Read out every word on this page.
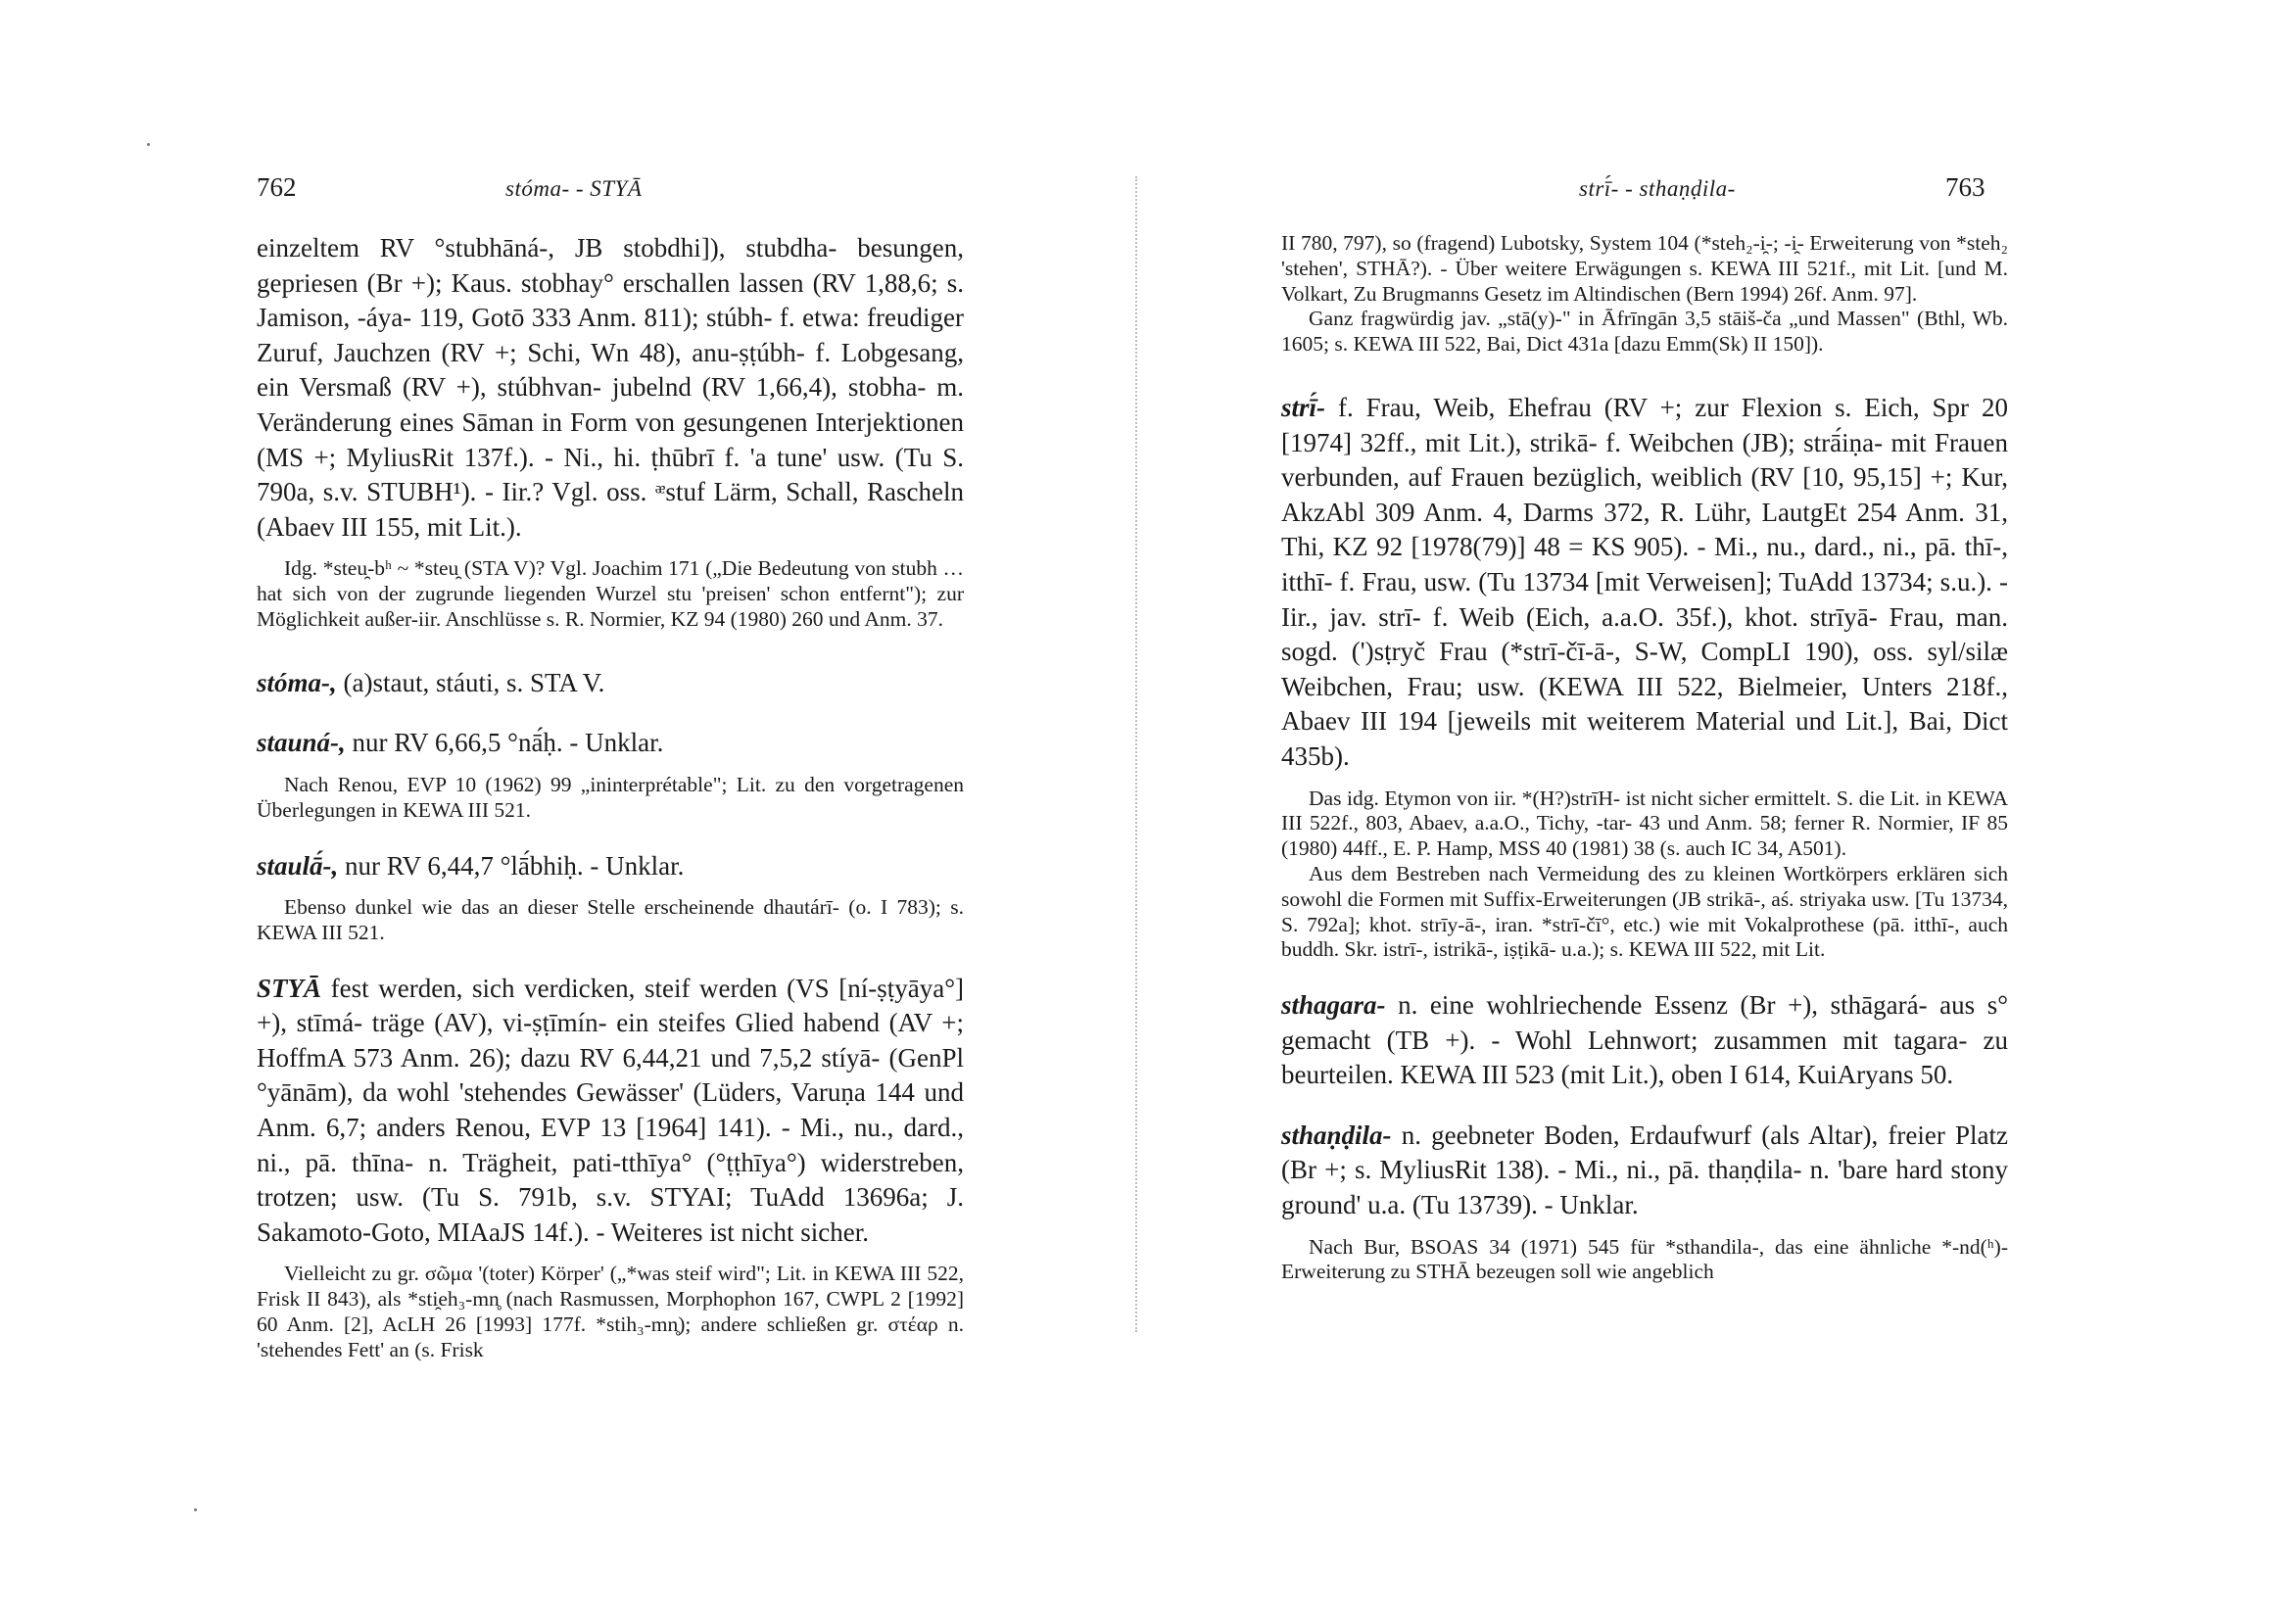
762	stóma- - STYĀ

einzeltem RV °stubhāná-, JB stobdhi]), stubdha- besungen, gepriesen (Br +); Kaus. stobhay° erschallen lassen (RV 1,88,6; s. Jamison, -áya- 119, Gotō 333 Anm. 811); stúbh- f. etwa: freudiger Zuruf, Jauchzen (RV +; Schi, Wn 48), anu-ṣṭúbh- f. Lobgesang, ein Versmaß (RV +), stúbhvan- jubelnd (RV 1,66,4), stobha- m. Veränderung eines Sāman in Form von gesungenen Interjektionen (MS +; MyliusRit 137f.). - Ni., hi. ṭhūbrī f. 'a tune' usw. (Tu S. 790a, s.v. STUBH¹). - Iir.? Vgl. oss. ᵆstuf Lärm, Schall, Rascheln (Abaev III 155, mit Lit.).

Idg. *steu̯-bʰ ~ *steu̯ (STA V)? Vgl. Joachim 171 („Die Bedeutung von stubh … hat sich von der zugrunde liegenden Wurzel stu 'preisen' schon entfernt"); zur Möglichkeit außer-iir. Anschlüsse s. R. Normier, KZ 94 (1980) 260 und Anm. 37.

stóma-, (a)staut, stáuti, s. STA V.

stauná-, nur RV 6,66,5 °nā́ḥ. - Unklar.

Nach Renou, EVP 10 (1962) 99 „ininterprétable"; Lit. zu den vorgetragenen Überlegungen in KEWA III 521.

staulā́-, nur RV 6,44,7 °lā́bhiḥ. - Unklar.

Ebenso dunkel wie das an dieser Stelle erscheinende dhautárī- (o. I 783); s. KEWA III 521.

STYĀ fest werden, sich verdicken, steif werden (VS [ní-ṣṭyāya°] +), stīmá- träge (AV), vi-ṣṭīmín- ein steifes Glied habend (AV +; HoffmA 573 Anm. 26); dazu RV 6,44,21 und 7,5,2 stíyā- (GenPl °yānām), da wohl 'stehendes Gewässer' (Lüders, Varuṇa 144 und Anm. 6,7; anders Renou, EVP 13 [1964] 141). - Mi., nu., dard., ni., pā. thīna- n. Trägheit, pati-tthīya° (°ṭṭhīya°) widerstreben, trotzen; usw. (Tu S. 791b, s.v. STYAI; TuAdd 13696a; J. Sakamoto-Goto, MIAaJS 14f.). - Weiteres ist nicht sicher.

Vielleicht zu gr. σῶμα '(toter) Körper' („*was steif wird"; Lit. in KEWA III 522, Frisk II 843), als *sti̯eh₃-mn̥ (nach Rasmussen, Morphophon 167, CWPL 2 [1992] 60 Anm. [2], AcLH 26 [1993] 177f. *stih₃-mn̥); andere schließen gr. στέαρ n. 'stehendes Fett' an (s. Frisk

763
strī́- - sthaṇḍila-

II 780, 797), so (fragend) Lubotsky, System 104 (*steh₂-i̯-; -i̯- Erweiterung von *steh₂ 'stehen', STHĀ?). - Über weitere Erwägungen s. KEWA III 521f., mit Lit. [und M. Volkart, Zu Brugmanns Gesetz im Altindischen (Bern 1994) 26f. Anm. 97].

Ganz fragwürdig jav. „stā(y)-" in Āfrīngān 3,5 stāiš-ča „und Massen" (Bthl, Wb. 1605; s. KEWA III 522, Bai, Dict 431a [dazu Emm(Sk) II 150]).

strī́- f. Frau, Weib, Ehefrau (RV +; zur Flexion s. Eich, Spr 20 [1974] 32ff., mit Lit.), strikā- f. Weibchen (JB); strā́iṇa- mit Frauen verbunden, auf Frauen bezüglich, weiblich (RV [10, 95,15] +; Kur, AkzAbl 309 Anm. 4, Darms 372, R. Lühr, LautgEt 254 Anm. 31, Thi, KZ 92 [1978(79)] 48 = KS 905). - Mi., nu., dard., ni., pā. thī-, itthī- f. Frau, usw. (Tu 13734 [mit Verweisen]; TuAdd 13734; s.u.). - Iir., jav. strī- f. Weib (Eich, a.a.O. 35f.), khot. strīyā- Frau, man. sogd. (')sṭryč Frau (*strī-čī-ā-, S-W, CompLI 190), oss. syl/silæ Weibchen, Frau; usw. (KEWA III 522, Bielmeier, Unters 218f., Abaev III 194 [jeweils mit weiterem Material und Lit.], Bai, Dict 435b).

Das idg. Etymon von iir. *(H?)strīH- ist nicht sicher ermittelt. S. die Lit. in KEWA III 522f., 803, Abaev, a.a.O., Tichy, -tar- 43 und Anm. 58; ferner R. Normier, IF 85 (1980) 44ff., E. P. Hamp, MSS 40 (1981) 38 (s. auch IC 34, A501).

Aus dem Bestreben nach Vermeidung des zu kleinen Wortkörpers erklären sich sowohl die Formen mit Suffix-Erweiterungen (JB strikā-, aś. striyaka usw. [Tu 13734, S. 792a]; khot. strīy-ā-, iran. *strī-čī°, etc.) wie mit Vokalprothese (pā. itthī-, auch buddh. Skr. istrī-, istrikā-, iṣṭikā- u.a.); s. KEWA III 522, mit Lit.

sthagara- n. eine wohlriechende Essenz (Br +), sthāgará- aus s° gemacht (TB +). - Wohl Lehnwort; zusammen mit tagara- zu beurteilen. KEWA III 523 (mit Lit.), oben I 614, KuiAryans 50.

sthaṇḍila- n. geebneter Boden, Erdaufwurf (als Altar), freier Platz (Br +; s. MyliusRit 138). - Mi., ni., pā. thaṇḍila- n. 'bare hard stony ground' u.a. (Tu 13739). - Unklar.

Nach Bur, BSOAS 34 (1971) 545 für *sthandila-, das eine ähnliche *-nd(ʰ)-Erweiterung zu STHĀ bezeugen soll wie angeblich
